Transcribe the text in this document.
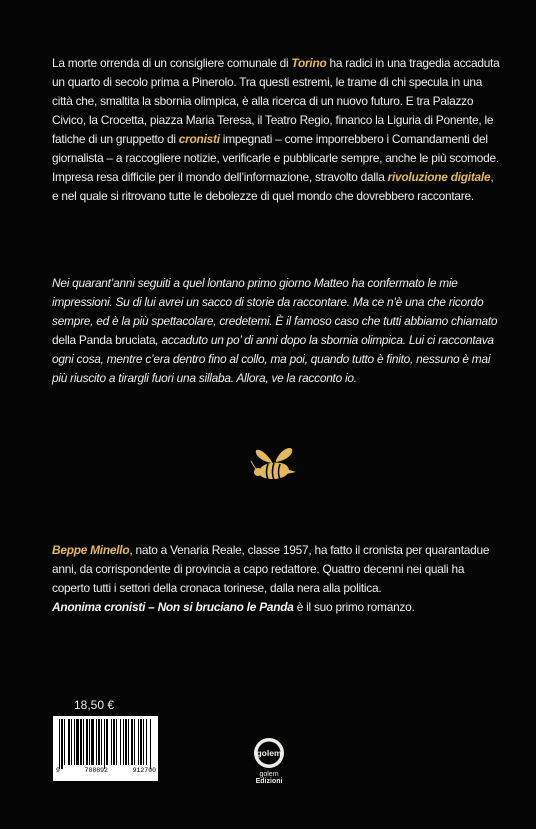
La morte orrenda di un consigliere comunale di Torino ha radici in una tragedia accaduta un quarto di secolo prima a Pinerolo. Tra questi estremi, le trame di chi specula in una città che, smaltita la sbornia olimpica, è alla ricerca di un nuovo futuro. E tra Palazzo Civico, la Crocetta, piazza Maria Teresa, il Teatro Regio, financo la Liguria di Ponente, le fatiche di un gruppetto di cronisti impegnati – come imporrebbero i Comandamenti del giornalista – a raccogliere notizie, verificarle e pubblicarle sempre, anche le più scomode.
Impresa resa difficile per il mondo dell’informazione, stravolto dalla rivoluzione digitale, e nel quale si ritrovano tutte le debolezze di quel mondo che dovrebbero raccontare.
Nei quarant’anni seguiti a quel lontano primo giorno Matteo ha confermato le mie impressioni. Su di lui avrei un sacco di storie da raccontare. Ma ce n’è una che ricordo sempre, ed è la più spettacolare, credetemi. È il famoso caso che tutti abbiamo chiamato della Panda bruciata, accaduto un po’ di anni dopo la sbornia olimpica. Lui ci raccontava ogni cosa, mentre c’era dentro fino al collo, ma poi, quando tutto è finito, nessuno è mai più riuscito a tirargli fuori una sillaba. Allora, ve la racconto io.
Beppe Minello, nato a Venaria Reale, classe 1957, ha fatto il cronista per quarantadue anni, da corrispondente di provincia a capo redattore. Quattro decenni nei quali ha coperto tutti i settori della cronaca torinese, dalla nera alla politica.
Anonima cronisti – Non si bruciano le Panda è il suo primo romanzo.
18,50 €
9	788892	912700
golem
golem Edizioni
